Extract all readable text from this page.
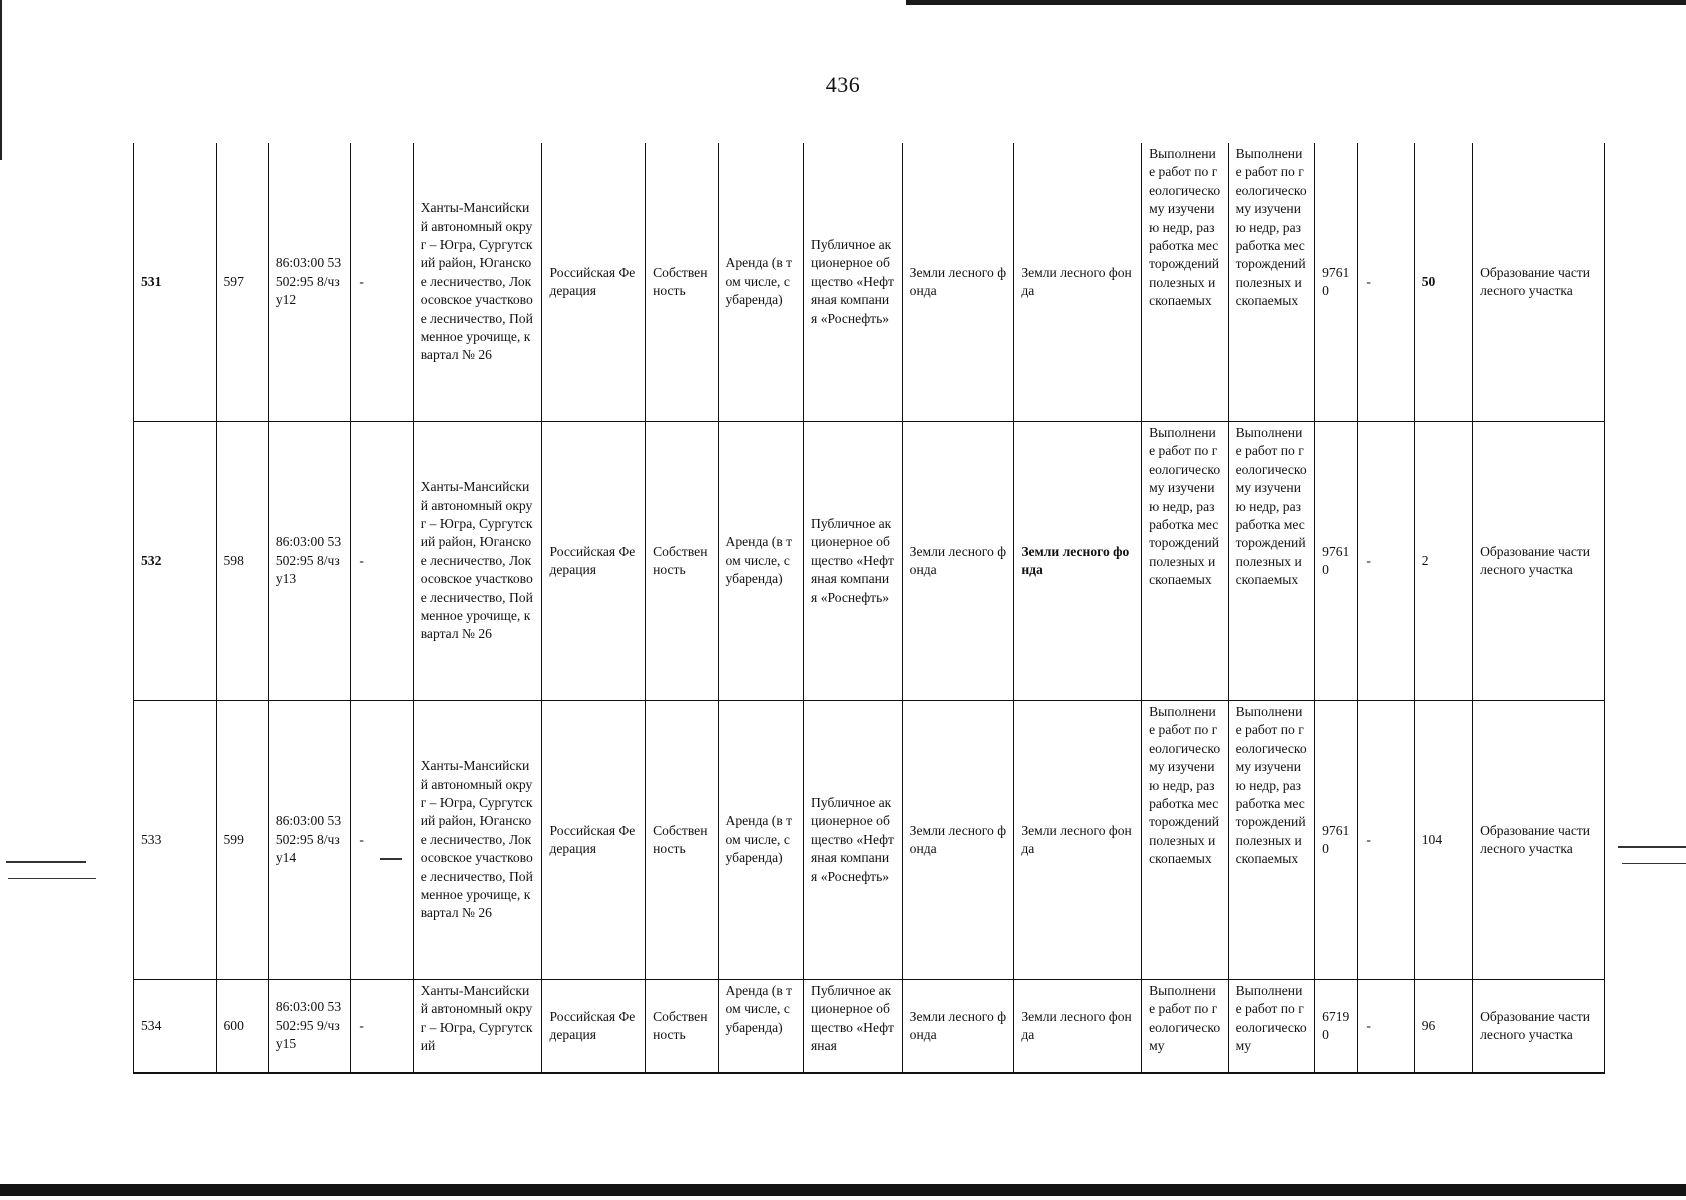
436
531	597	86:03:00 53502:95 8/чзу12	-	Ханты-Мансийский автономный округ – Югра, Сургутский район, Юганское лесничество, Локосовское участковое лесничество, Пойменное урочище, квартал № 26	Российская Федерация	Собственность	Аренда (в том числе, субаренда)	Публичное акционерное общество «Нефтяная компания «Роснефть»	Земли лесного фонда	Земли лесного фонда	Выполнение работ по геологическому изучению недр, разработка месторождений полезных ископаемых	Выполнение работ по геологическому изучению недр, разработка месторождений полезных ископаемых	97610	-	50	Образование части лесного участка
532	598	86:03:00 53502:95 8/чзу13	-	Ханты-Мансийский автономный округ – Югра, Сургутский район, Юганское лесничество, Локосовское участковое лесничество, Пойменное урочище, квартал № 26	Российская Федерация	Собственность	Аренда (в том числе, субаренда)	Публичное акционерное общество «Нефтяная компания «Роснефть»	Земли лесного фонда	Земли лесного фонда	Выполнение работ по геологическому изучению недр, разработка месторождений полезных ископаемых	Выполнение работ по геологическому изучению недр, разработка месторождений полезных ископаемых	97610	-	2	Образование части лесного участка
533	599	86:03:00 53502:95 8/чзу14	-	Ханты-Мансийский автономный округ – Югра, Сургутский район, Юганское лесничество, Локосовское участковое лесничество, Пойменное урочище, квартал № 26	Российская Федерация	Собственность	Аренда (в том числе, субаренда)	Публичное акционерное общество «Нефтяная компания «Роснефть»	Земли лесного фонда	Земли лесного фонда	Выполнение работ по геологическому изучению недр, разработка месторождений полезных ископаемых	Выполнение работ по геологическому изучению недр, разработка месторождений полезных ископаемых	97610	-	104	Образование части лесного участка
534	600	86:03:00 53502:95 9/чзу15	-	Ханты-Мансийский автономный округ – Югра, Сургутский	Российская Федерация	Собственность	Аренда (в том числе, субаренда)	Публичное акционерное общество «Нефтяная	Земли лесного фонда	Земли лесного фонда	Выполнение работ по геологическому	Выполнение работ по геологическому	67190	-	96	Образование части лесного участка
